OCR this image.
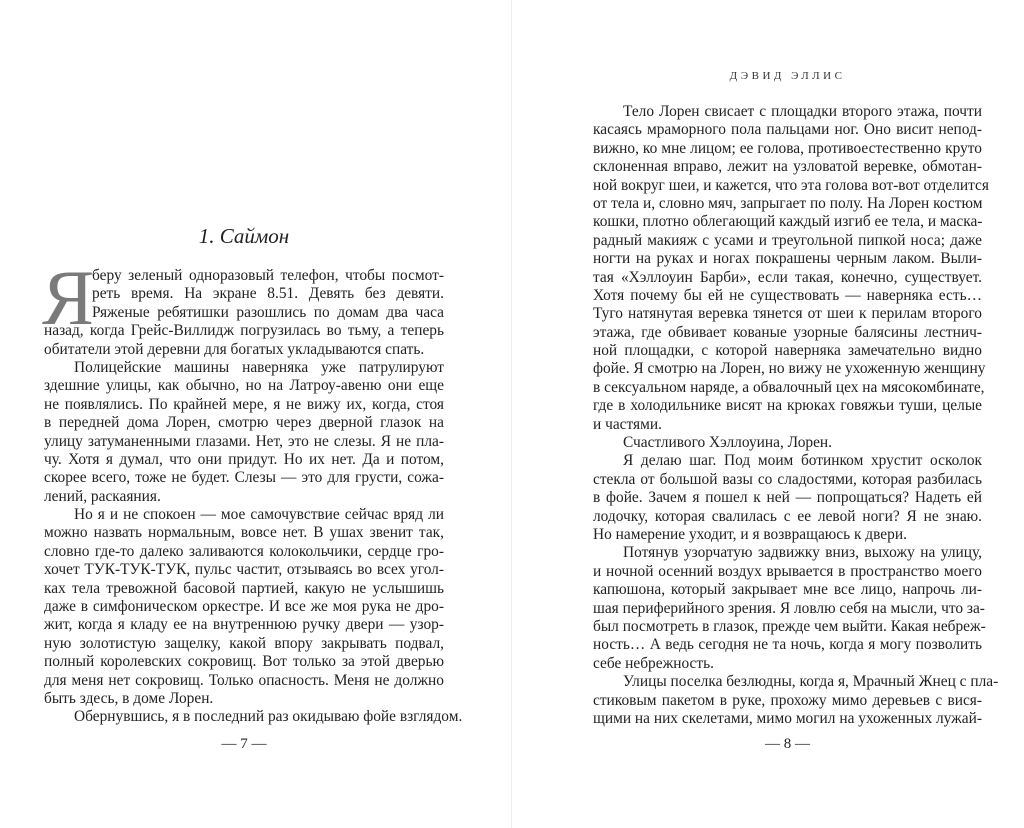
1. Саймон
Я
беру зеленый одноразовый телефон, чтобы посмот-
реть время. На экране 8.51. Девять без девяти.
Ряженые ребятишки разошлись по домам два часа
назад, когда Грейс-Виллидж погрузилась во тьму, а теперь
обитатели этой деревни для богатых укладываются спать.
Полицейские машины наверняка уже патрулируют
здешние улицы, как обычно, но на Латроу-авеню они еще
не появлялись. По крайней мере, я не вижу их, когда, стоя
в передней дома Лорен, смотрю через дверной глазок на
улицу затуманенными глазами. Нет, это не слезы. Я не пла-
чу. Хотя я думал, что они придут. Но их нет. Да и потом,
скорее всего, тоже не будет. Слезы — это для грусти, сожа-
лений, раскаяния.
Но я и не спокоен — мое самочувствие сейчас вряд ли
можно назвать нормальным, вовсе нет. В ушах звенит так,
словно где-то далеко заливаются колокольчики, сердце гро-
хочет ТУК-ТУК-ТУК, пульс частит, отзываясь во всех угол-
ках тела тревожной басовой партией, какую не услышишь
даже в симфоническом оркестре. И все же моя рука не дро-
жит, когда я кладу ее на внутреннюю ручку двери — узор-
ную золотистую защелку, какой впору закрывать подвал,
полный королевских сокровищ. Вот только за этой дверью
для меня нет сокровищ. Только опасность. Меня не должно
быть здесь, в доме Лорен.
Обернувшись, я в последний раз окидываю фойе взглядом.
— 7 —
ДЭВИД ЭЛЛИС
Тело Лорен свисает с площадки второго этажа, почти
касаясь мраморного пола пальцами ног. Оно висит непод-
вижно, ко мне лицом; ее голова, противоестественно круто
склоненная вправо, лежит на узловатой веревке, обмотан-
ной вокруг шеи, и кажется, что эта голова вот-вот отделится
от тела и, словно мяч, запрыгает по полу. На Лорен костюм
кошки, плотно облегающий каждый изгиб ее тела, и маска-
радный макияж с усами и треугольной пипкой носа; даже
ногти на руках и ногах покрашены черным лаком. Выли-
тая «Хэллоуин Барби», если такая, конечно, существует.
Хотя почему бы ей не существовать — наверняка есть…
Туго натянутая веревка тянется от шеи к перилам второго
этажа, где обвивает кованые узорные балясины лестнич-
ной площадки, с которой наверняка замечательно видно
фойе. Я смотрю на Лорен, но вижу не ухоженную женщину
в сексуальном наряде, а обвалочный цех на мясокомбинате,
где в холодильнике висят на крюках говяжьи туши, целые
и частями.
Счастливого Хэллоуина, Лорен.
Я делаю шаг. Под моим ботинком хрустит осколок
стекла от большой вазы со сладостями, которая разбилась
в фойе. Зачем я пошел к ней — попрощаться? Надеть ей
лодочку, которая свалилась с ее левой ноги? Я не знаю.
Но намерение уходит, и я возвращаюсь к двери.
Потянув узорчатую задвижку вниз, выхожу на улицу,
и ночной осенний воздух врывается в пространство моего
капюшона, который закрывает мне все лицо, напрочь ли-
шая периферийного зрения. Я ловлю себя на мысли, что за-
был посмотреть в глазок, прежде чем выйти. Какая небреж-
ность… А ведь сегодня не та ночь, когда я могу позволить
себе небрежность.
Улицы поселка безлюдны, когда я, Мрачный Жнец с пла-
стиковым пакетом в руке, прохожу мимо деревьев с вися-
щими на них скелетами, мимо могил на ухоженных лужай-
— 8 —
